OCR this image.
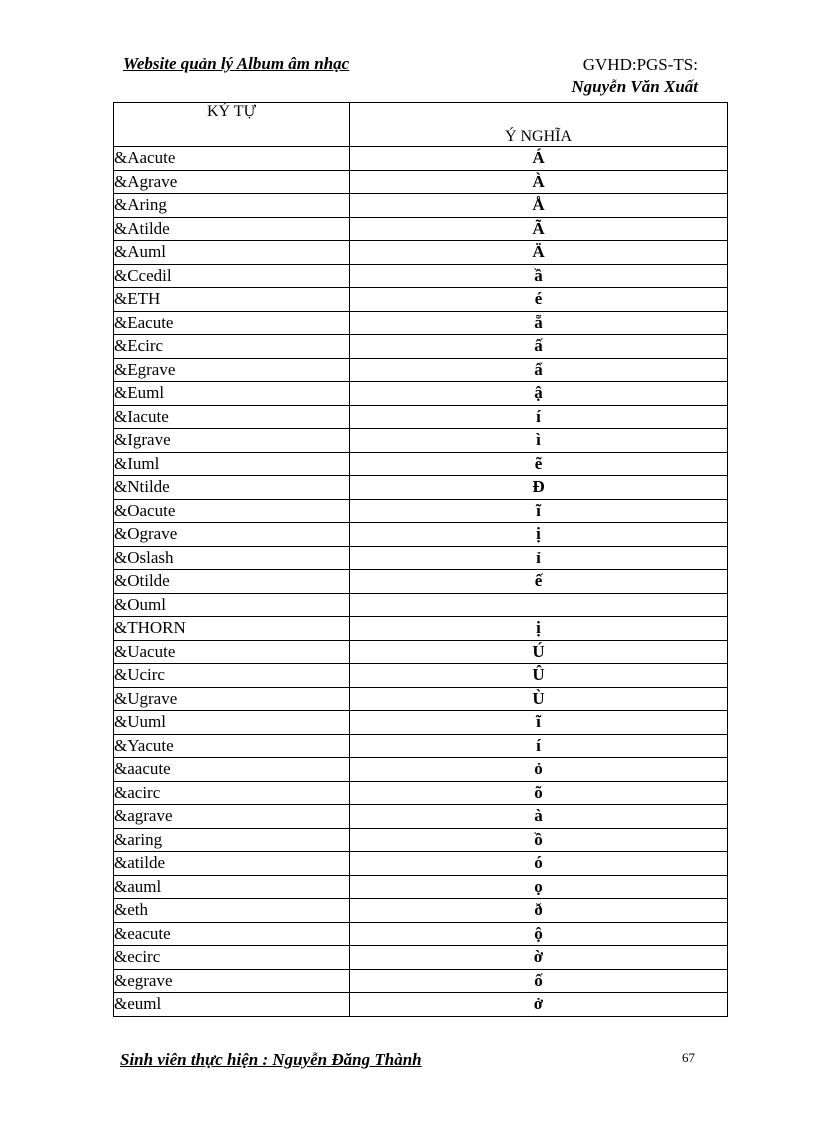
Website quản lý Album âm nhạc	GVHD:PGS-TS:
Nguyễn Văn Xuất
KÝ TỰ	Ý NGHĨA
&Aacute	Á
&Agrave	À
&Aring	Å
&Atilde	Ã
&Auml	Ä
&Ccedil	ầ
&ETH	é
&Eacute	ẵ
&Ecirc	ấ
&Egrave	ẩ
&Euml	ậ
&Iacute	í
&Igrave	ì
&Iuml	ẽ
&Ntilde	Đ
&Oacute	ĩ
&Ograve	ị
&Oslash	ỉ
&Otilde	ế
&Ouml	
&THORN	ị
&Uacute	Ú
&Ucirc	Û
&Ugrave	Ù
&Uuml	ĩ
&Yacute	í
&aacute	ỏ
&acirc	õ
&agrave	à
&aring	ồ
&atilde	ó
&auml	ọ
&eth	ð
&eacute	ộ
&ecirc	ờ
&egrave	ố
&euml	ở
Sinh viên thực hiện : Nguyễn Đăng Thành	67
